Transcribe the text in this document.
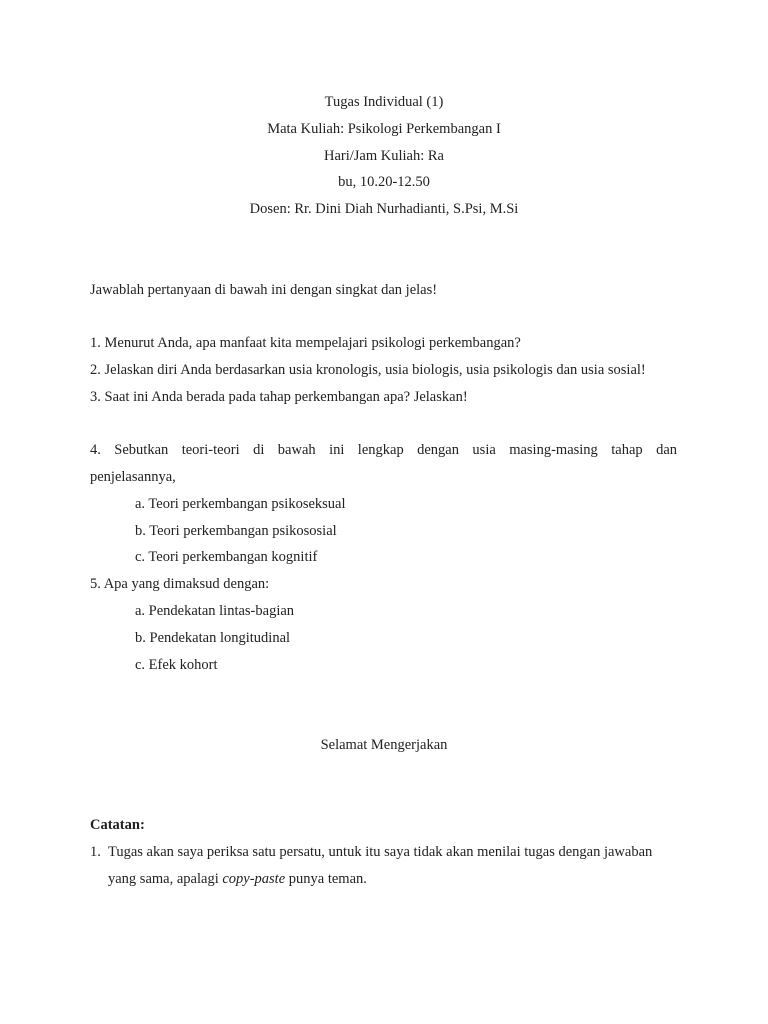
Tugas Individual (1)
Mata Kuliah: Psikologi Perkembangan I
Hari/Jam Kuliah: Ra
bu, 10.20-12.50
Dosen: Rr. Dini Diah Nurhadianti, S.Psi, M.Si
Jawablah pertanyaan di bawah ini dengan singkat dan jelas!
1. Menurut Anda, apa manfaat kita mempelajari psikologi perkembangan?
2. Jelaskan diri Anda berdasarkan usia kronologis, usia biologis, usia psikologis dan usia sosial!
3. Saat ini Anda berada pada tahap perkembangan apa? Jelaskan!
4. Sebutkan teori-teori di bawah ini lengkap dengan usia masing-masing tahap dan
penjelasannya,
a. Teori perkembangan psikoseksual
b. Teori perkembangan psikososial
c. Teori perkembangan kognitif
5. Apa yang dimaksud dengan:
a. Pendekatan lintas-bagian
b. Pendekatan longitudinal
c. Efek kohort
Selamat Mengerjakan
Catatan:
1. Tugas akan saya periksa satu persatu, untuk itu saya tidak akan menilai tugas dengan jawaban
yang sama, apalagi copy-paste punya teman.
